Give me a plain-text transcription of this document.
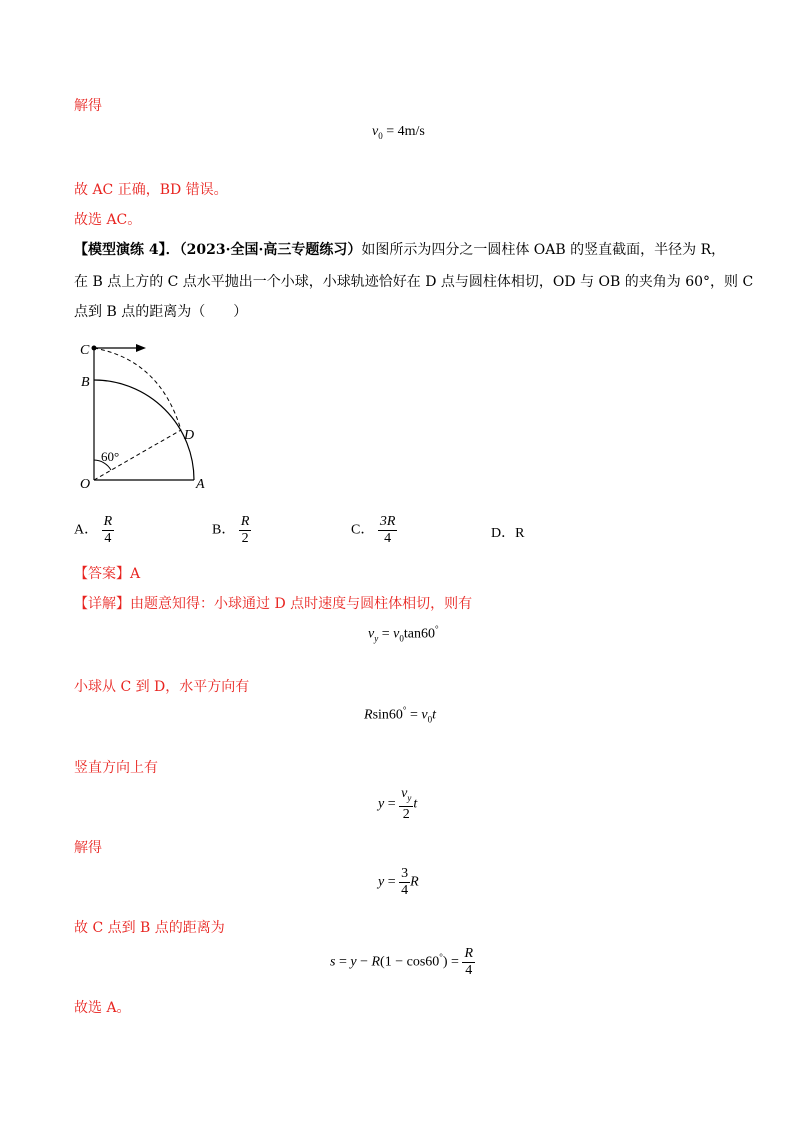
解得
$v_0 = 4m/s$
故 AC 正确，BD 错误。
故选 AC。
【模型演练 4】．（2023·全国·高三专题练习）如图所示为四分之一圆柱体 OAB 的竖直截面，半径为 R，
在 B 点上方的 C 点水平抛出一个小球，小球轨迹恰好在 D 点与圆柱体相切，OD 与 OB 的夹角为 60°，则 C
点到 B 点的距离为（　　）
C
B
D
O	A
60°
A． $\frac{R}{4}$	B． $\frac{R}{2}$	C． $\frac{3R}{4}$	D．R
【答案】A
【详解】由题意知得：小球通过 D 点时速度与圆柱体相切，则有
$v_y = v_0\tan 60^\circ$
小球从 C 到 D，水平方向有
$Rsin60^\circ = v_0t$
竖直方向上有
$y = \frac{v_y}{2}$ t
解得
$y = \frac{3}{4}$ R
故 C 点到 B 点的距离为
$s = y - R(1 - \cos 60^\circ) = \frac{R}{4}$
故选 A。
